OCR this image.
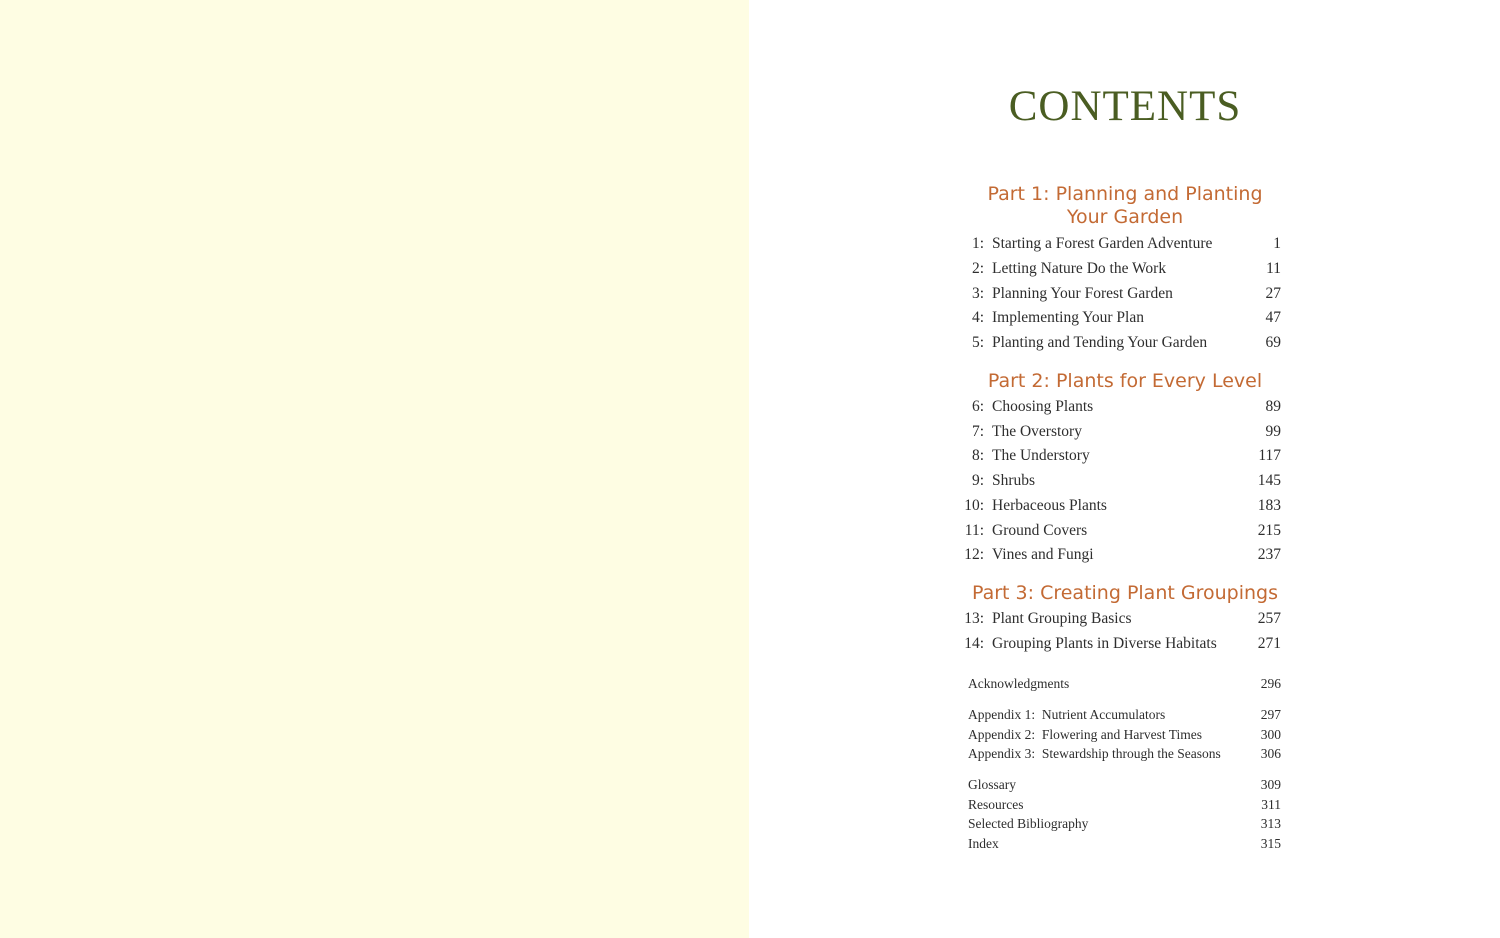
CONTENTS
Part 1: Planning and Planting
Your Garden
1: Starting a Forest Garden Adventure	1
2: Letting Nature Do the Work	11
3: Planning Your Forest Garden	27
4: Implementing Your Plan	47
5: Planting and Tending Your Garden	69
Part 2: Plants for Every Level
6: Choosing Plants	89
7: The Overstory	99
8: The Understory	117
9: Shrubs	145
10: Herbaceous Plants	183
11: Ground Covers	215
12: Vines and Fungi	237
Part 3: Creating Plant Groupings
13: Plant Grouping Basics	257
14: Grouping Plants in Diverse Habitats	271
Acknowledgments	296
Appendix 1: Nutrient Accumulators	297
Appendix 2: Flowering and Harvest Times	300
Appendix 3: Stewardship through the Seasons	306
Glossary	309
Resources	311
Selected Bibliography	313
Index	315
